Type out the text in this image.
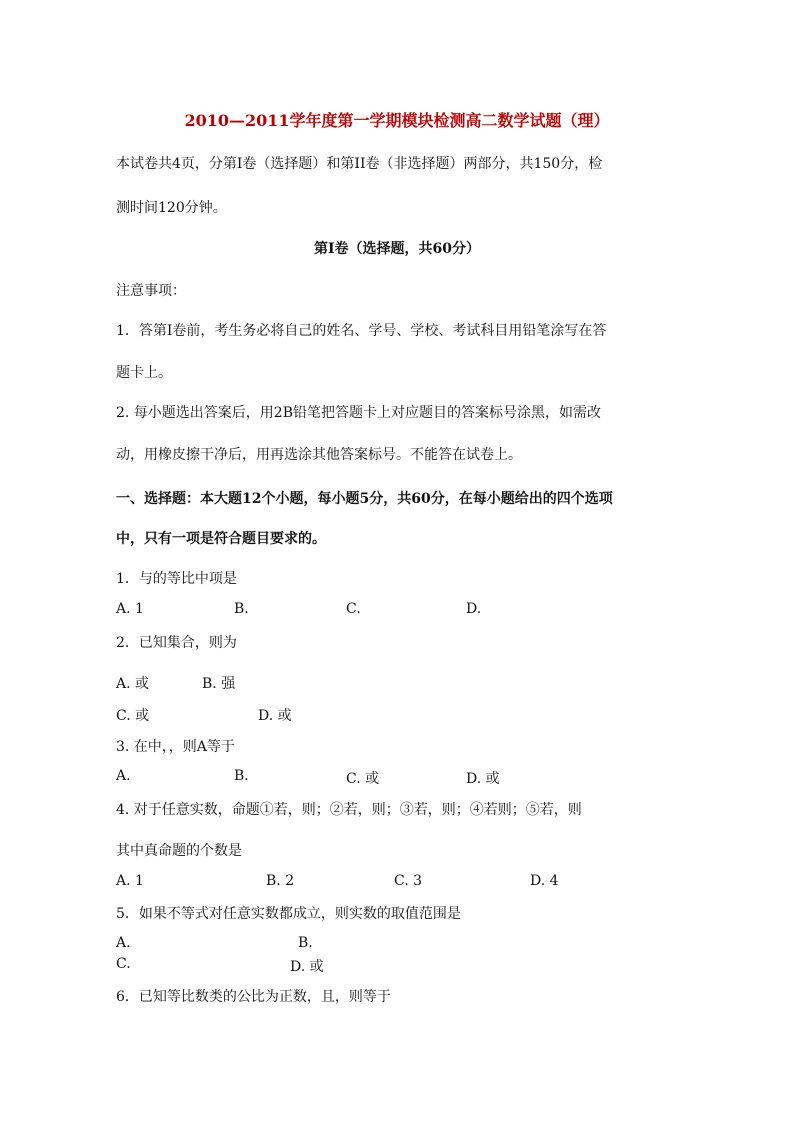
2010—2011学年度第一学期模块检测高二数学试题（理）
本试卷共4页，分第I卷（选择题）和第II卷（非选择题）两部分，共150分，检
测时间120分钟。
第I卷（选择题，共60分）
注意事项：
1．答第I卷前，考生务必将自己的姓名、学号、学校、考试科目用铅笔涂写在答
题卡上。
2. 每小题选出答案后，用2B铅笔把答题卡上对应题目的答案标号涂黑，如需改
动，用橡皮擦干净后，用再选涂其他答案标号。不能答在试卷上。
一、选择题：本大题12个小题，每小题5分，共60分，在每小题给出的四个选项
中，只有一项是符合题目要求的。
1．与的等比中项是
A. 1	B.	C.	D.
2．已知集合，则为
A. 或	B. 强
C. 或	D. 或
3. 在中，，则A等于
A.	B.	C. 或	D. 或
4. 对于任意实数，命题①若，则；②若，则；③若，则；④若则；⑤若，则
其中真命题的个数是
A. 1	B. 2	C. 3	D. 4
5．如果不等式对任意实数都成立，则实数的取值范围是
A.	B.
C.	D. 或
6．已知等比数类的公比为正数，且，则等于
